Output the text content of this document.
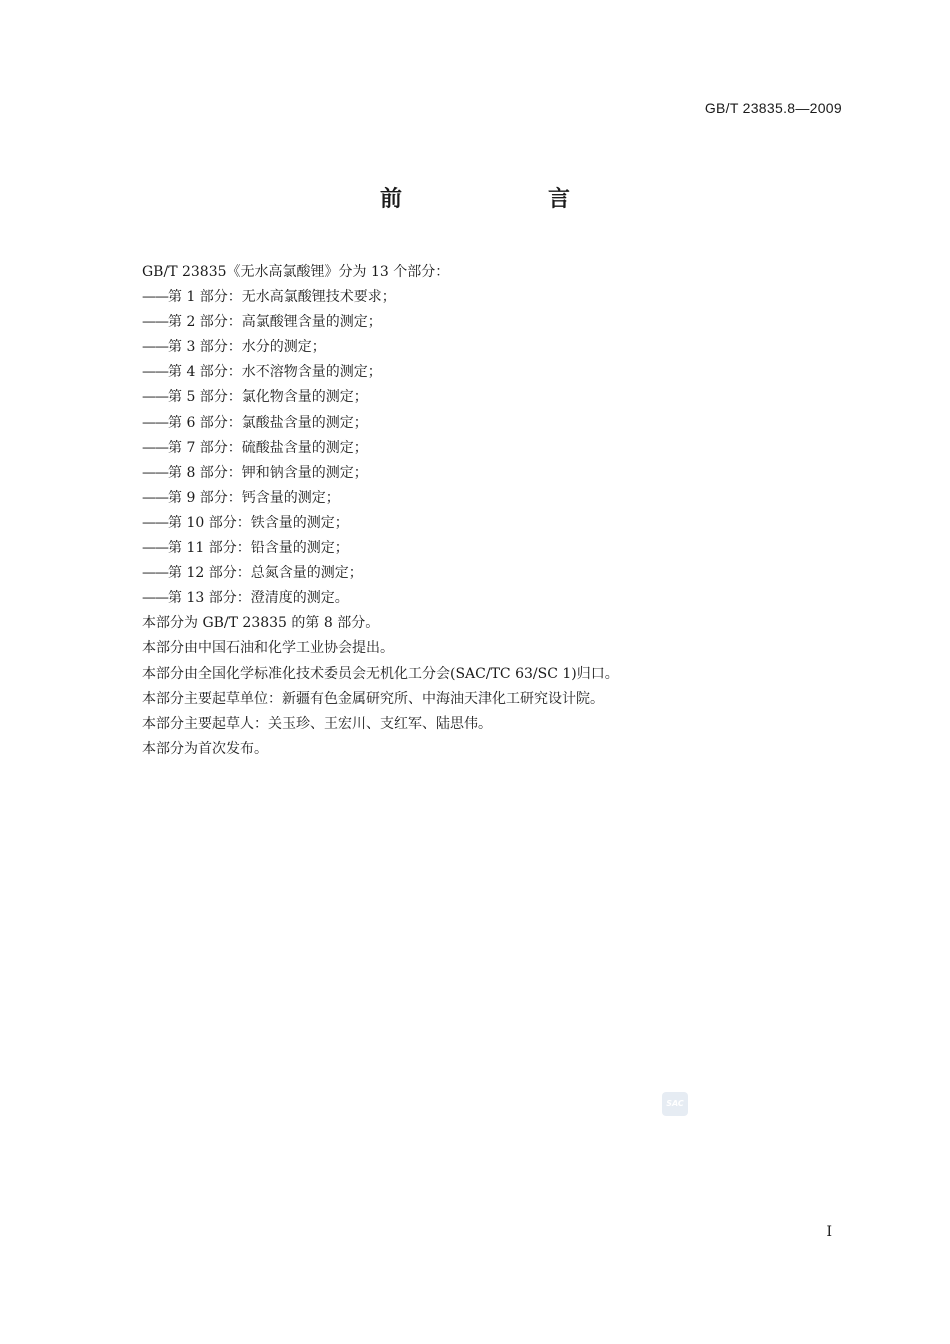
GB/T 23835.8—2009
前　言
GB/T 23835《无水高氯酸锂》分为 13 个部分：
——第 1 部分：无水高氯酸锂技术要求；
——第 2 部分：高氯酸锂含量的测定；
——第 3 部分：水分的测定；
——第 4 部分：水不溶物含量的测定；
——第 5 部分：氯化物含量的测定；
——第 6 部分：氯酸盐含量的测定；
——第 7 部分：硫酸盐含量的测定；
——第 8 部分：钾和钠含量的测定；
——第 9 部分：钙含量的测定；
——第 10 部分：铁含量的测定；
——第 11 部分：铅含量的测定；
——第 12 部分：总氮含量的测定；
——第 13 部分：澄清度的测定。
本部分为 GB/T 23835 的第 8 部分。
本部分由中国石油和化学工业协会提出。
本部分由全国化学标准化技术委员会无机化工分会(SAC/TC 63/SC 1)归口。
本部分主要起草单位：新疆有色金属研究所、中海油天津化工研究设计院。
本部分主要起草人：关玉珍、王宏川、支红军、陆思伟。
本部分为首次发布。
SAC
I
